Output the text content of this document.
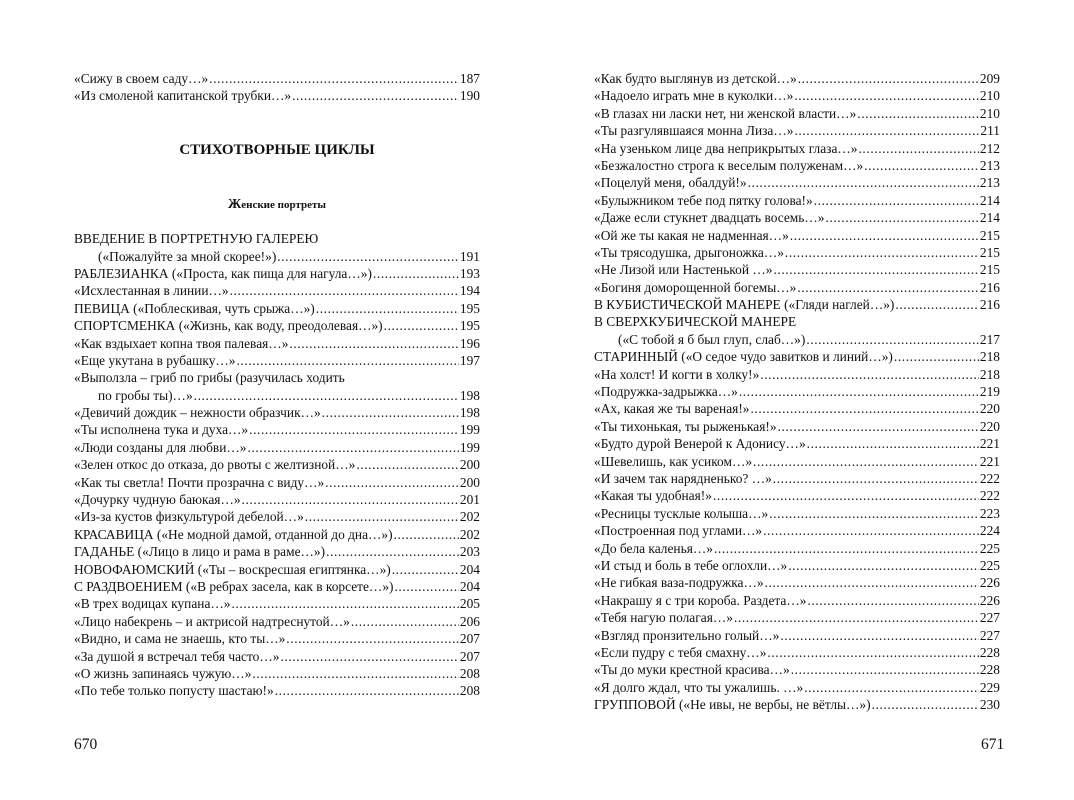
«Сижу в своем саду…» .....	187
«Из смоленой капитанской трубки…» .....	190
СТИХОТВОРНЫЕ ЦИКЛЫ
Женские портреты
ВВЕДЕНИЕ В ПОРТРЕТНУЮ ГАЛЕРЕЮ
(«Пожалуйте за мной скорее!») .....	191
РАБЛЕЗИАНКА («Проста, как пища для нагула…») .....	193
«Исхлестанная в линии…» .....	194
ПЕВИЦА («Поблескивая, чуть срыжа…») .....	195
СПОРТСМЕНКА («Жизнь, как воду, преодолевая…») .....	195
«Как вздыхает копна твоя палевая…» .....	196
«Еще укутана в рубашку…» .....	197
«Выползла – гриб по грибы (разучилась ходить
по гробы ты)…» .....	198
«Девичий дождик – нежности образчик…» .....	198
«Ты исполнена тука и духа…» .....	199
«Люди созданы для любви…» .....	199
«Зелен откос до отказа, до рвоты с желтизной…» .....	200
«Как ты светла! Почти прозрачна с виду…» .....	200
«Дочурку чудную баюкая…» .....	201
«Из-за кустов физкультурой дебелой…» .....	202
КРАСАВИЦА («Не модной дамой, отданной до дна…») .....	202
ГАДАНЬЕ («Лицо в лицо и рама в раме…») .....	203
НОВОФАЮМСКИЙ («Ты – воскресшая египтянка…») .....	204
С РАЗДВОЕНИЕМ («В ребрах засела, как в корсете…») .....	204
«В трех водицах купана…» .....	205
«Лицо набекрень – и актрисой надтреснутой…» .....	206
«Видно, и сама не знаешь, кто ты…» .....	207
«За душой я встречал тебя часто…» .....	207
«О жизнь запинаясь чужую…» .....	208
«По тебе только попусту шастаю!» .....	208
670
«Как будто выглянув из детской…» .....	209
«Надоело играть мне в куколки…» .....	210
«В глазах ни ласки нет, ни женской власти…» .....	210
«Ты разгулявшаяся монна Лиза…» .....	211
«На узеньком лице два неприкрытых глаза…» .....	212
«Безжалостно строга к веселым полуженам…» .....	213
«Поцелуй меня, обалдуй!» .....	213
«Булыжником тебе под пятку голова!» .....	214
«Даже если стукнет двадцать восемь…» .....	214
«Ой же ты какая не надменная…» .....	215
«Ты трясодушка, дрыгоножка…» .....	215
«Не Лизой или Настенькой …» .....	215
«Богиня доморощенной богемы…» .....	216
В КУБИСТИЧЕСКОЙ МАНЕРЕ («Гляди наглей…») .....	216
В СВЕРХКУБИЧЕСКОЙ МАНЕРЕ
(«С тобой я б был глуп, слаб…») .....	217
СТАРИННЫЙ («О седое чудо завитков и линий…») .....	218
«На холст! И когти в холку!» .....	218
«Подружка-задрыжка…» .....	219
«Ах, какая же ты вареная!» .....	220
«Ты тихонькая, ты рыженькая!» .....	220
«Будто дурой Венерой к Адонису…» .....	221
«Шевелишь, как усиком…» .....	221
«И зачем так нарядненько? …» .....	222
«Какая ты удобная!» .....	222
«Ресницы тусклые колыша…» .....	223
«Построенная под углами…» .....	224
«До бела каленья…» .....	225
«И стыд и боль в тебе оглохли…» .....	225
«Не гибкая ваза-подружка…» .....	226
«Накрашу я с три короба. Раздета…» .....	226
«Тебя нагую полагая…» .....	227
«Взгляд пронзительно голый…» .....	227
«Если пудру с тебя смахну…» .....	228
«Ты до муки крестной красива…» .....	228
«Я долго ждал, что ты ужалишь. …» .....	229
ГРУППОВОЙ («Не ивы, не вербы, не вётлы…») .....	230
671
